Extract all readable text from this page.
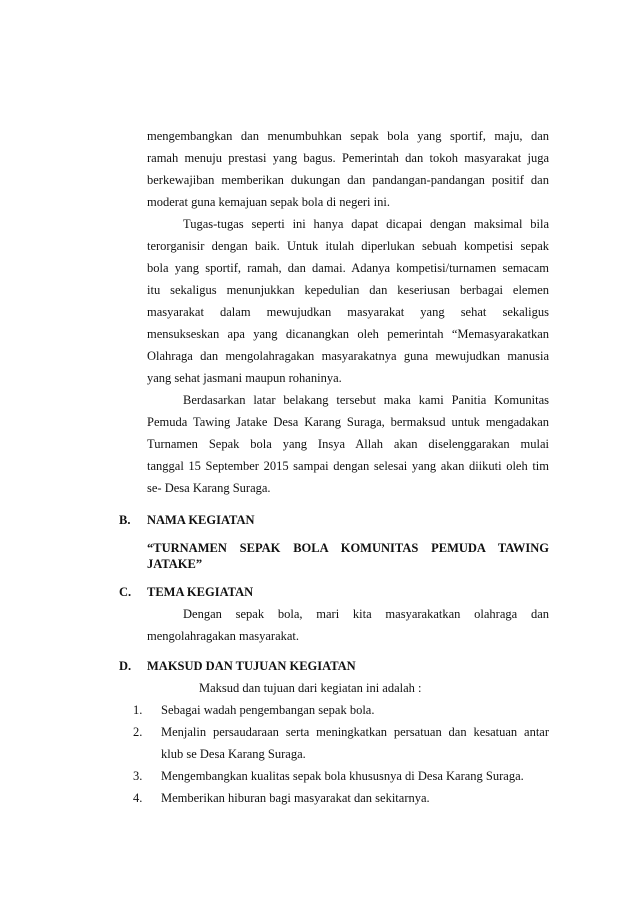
mengembangkan dan menumbuhkan sepak bola yang sportif, maju, dan
ramah menuju prestasi yang bagus. Pemerintah dan tokoh masyarakat juga
berkewajiban memberikan dukungan dan pandangan-pandangan positif dan
moderat guna kemajuan sepak bola di negeri ini.
Tugas-tugas seperti ini hanya dapat dicapai dengan maksimal bila
terorganisir dengan baik. Untuk itulah diperlukan sebuah kompetisi sepak
bola yang sportif, ramah, dan damai. Adanya kompetisi/turnamen semacam
itu sekaligus menunjukkan kepedulian dan keseriusan berbagai elemen
masyarakat dalam mewujudkan masyarakat yang sehat sekaligus
mensukseskan apa yang dicanangkan oleh pemerintah “Memasyarakatkan
Olahraga dan mengolahragakan masyarakatnya guna mewujudkan manusia
yang sehat jasmani maupun rohaninya.
Berdasarkan latar belakang tersebut maka kami Panitia Komunitas
Pemuda Tawing Jatake Desa Karang Suraga, bermaksud untuk mengadakan
Turnamen Sepak bola yang Insya Allah akan diselenggarakan mulai
tanggal 15 September 2015 sampai dengan selesai yang akan diikuti oleh tim
se- Desa Karang Suraga.
B. NAMA KEGIATAN
“TURNAMEN SEPAK BOLA KOMUNITAS PEMUDA TAWING
JATAKE”
C. TEMA KEGIATAN
Dengan sepak bola, mari kita masyarakatkan olahraga dan
mengolahragakan masyarakat.
D. MAKSUD DAN TUJUAN KEGIATAN
Maksud dan tujuan dari kegiatan ini adalah :
1. Sebagai wadah pengembangan sepak bola.
2. Menjalin persaudaraan serta meningkatkan persatuan dan kesatuan antar
klub se Desa Karang Suraga.
3. Mengembangkan kualitas sepak bola khususnya di Desa Karang Suraga.
4. Memberikan hiburan bagi masyarakat dan sekitarnya.
